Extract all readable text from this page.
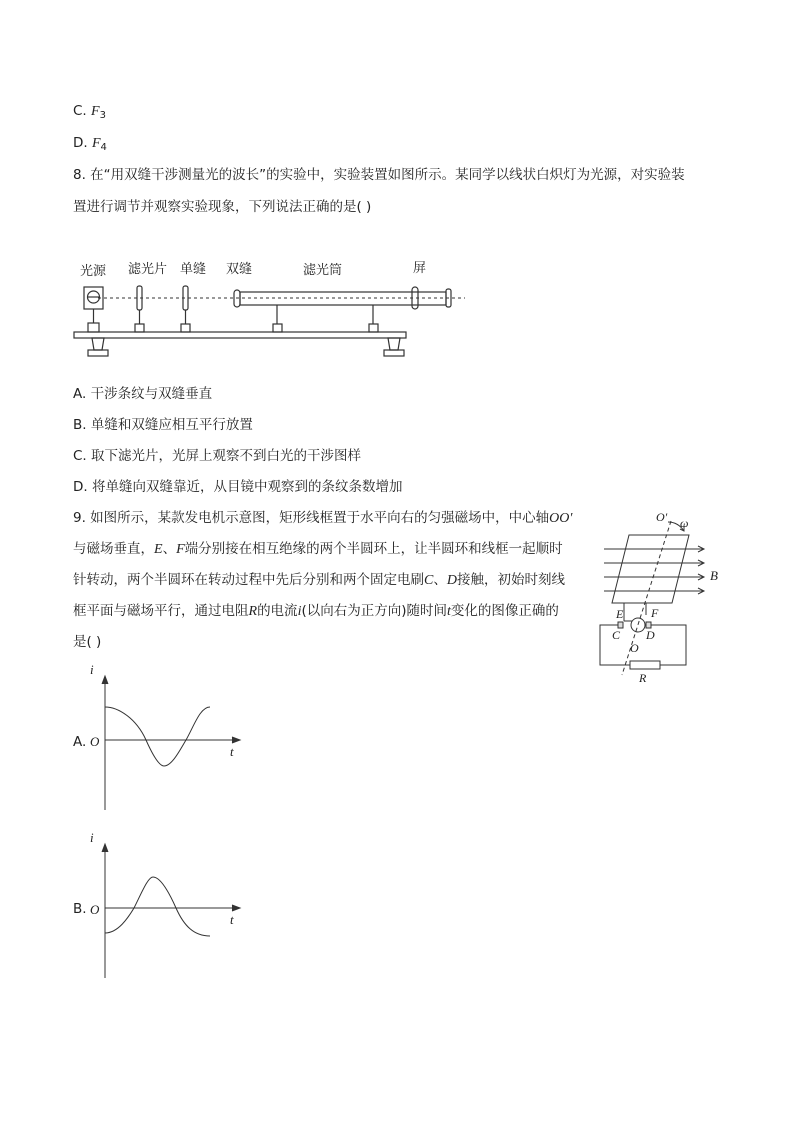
C. $F_3$
D. $F_4$
8. 在“用双缝干涉测量光的波长”的实验中，实验装置如图所示。某同学以线状白炽灯为光源，对实验装
置进行调节并观察实验现象，下列说法正确的是( )
光源 滤光片 单缝 双缝	滤光筒	屏
A. 干涉条纹与双缝垂直
B. 单缝和双缝应相互平行放置
C. 取下滤光片，光屏上观察不到白光的干涉图样
D. 将单缝向双缝靠近，从目镜中观察到的条纹条数增加
9. 如图所示，某款发电机示意图，矩形线框置于水平向右的匀强磁场中，中心轴OO′
与磁场垂直，E、F端分别接在相互绝缘的两个半圆环上，让半圆环和线框一起顺时
针转动，两个半圆环在转动过程中先后分别和两个固定电刷C、D接触，初始时刻线
框平面与磁场平行，通过电阻R的电流i(以向右为正方向)随时间t变化的图像正确的
是( )
O′ ω
B
E F
C D
O
R
A.
i
O
t
B.
i
O
t
